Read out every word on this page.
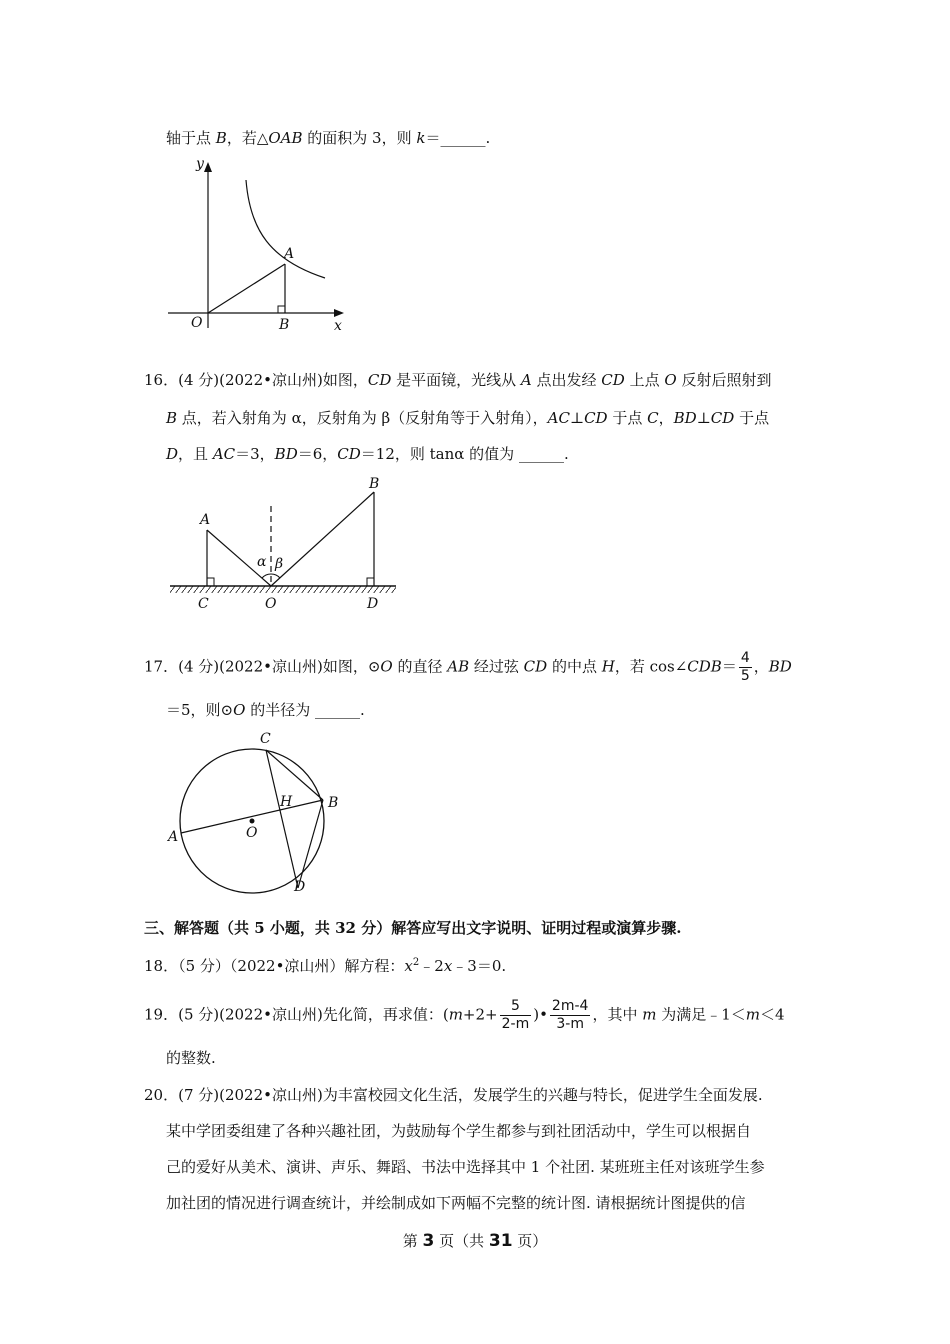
轴于点 B，若△OAB 的面积为 3，则 k＝______.
y
x
O
A
B
16．(4 分)(2022•凉山州)如图，CD 是平面镜，光线从 A 点出发经 CD 上点 O 反射后照射到
B 点，若入射角为 α，反射角为 β（反射角等于入射角），AC⊥CD 于点 C，BD⊥CD 于点
D，且 AC＝3，BD＝6，CD＝12，则 tanα 的值为 ______.
A
B
C	O	D
α β
17．(4 分)(2022•凉山州)如图，⊙O 的直径 AB 经过弦 CD 的中点 H，若 cos∠CDB＝ $\frac{4}{5}$ ，BD
＝5，则⊙O 的半径为 ______.
C
H	B
A	O
D
三、解答题（共 5 小题，共 32 分）解答应写出文字说明、证明过程或演算步骤.
18．（5 分）（2022•凉山州）解方程：$x^2﹣2x﹣3=0$.
19．(5 分)(2022•凉山州)先化简，再求值：($m+2+ \frac{5}{2-m}$ )• $\frac{2m-4}{3-m}$ ，其中 m 为满足﹣1＜m＜4
的整数.
20．(7 分)(2022•凉山州)为丰富校园文化生活，发展学生的兴趣与特长，促进学生全面发展.
某中学团委组建了各种兴趣社团，为鼓励每个学生都参与到社团活动中，学生可以根据自
己的爱好从美术、演讲、声乐、舞蹈、书法中选择其中 1 个社团. 某班班主任对该班学生参
加社团的情况进行调查统计，并绘制成如下两幅不完整的统计图. 请根据统计图提供的信
第 3 页（共 31 页）
